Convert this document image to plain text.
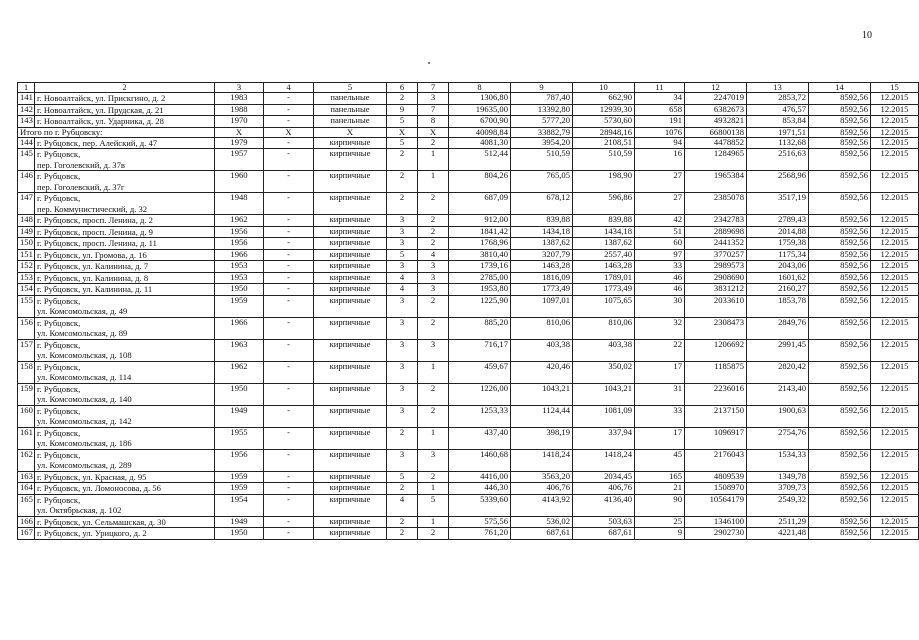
10
1	2	3	4	5	6	7	8	9	10	11	12	13	14	15
141	г. Новоалтайск, ул. Прискгино, д. 2	1983	-	панельные	2	3	1306,80	787,40	662,90	34	2247019	2853,72	8592,56	12.2015
142	г. Новоалтайск, ул. Прудская, д. 21	1988	-	панельные	9	7	19635,00	13392,80	12939,30	658	6382673	476,57	8592,56	12.2015
143	г. Новоалтайск, ул. Ударника, д. 28	1970	-	панельные	5	8	6700,90	5777,20	5730,60	191	4932821	853,84	8592,56	12.2015
Итого по г. Рубцовску:		X	X	X	X	X	40098,84	33882,79	28948,16	1076	66800138	1971,51	8592,56	12.2015
144	г. Рубцовск, пер. Алейский, д. 47	1979	-	кирпичные	5	2	4081,30	3954,20	2108,51	94	4478852	1132,68	8592,56	12.2015
145	г. Рубцовск,
пер. Гоголевский, д. 37в	1957	-	кирпичные	2	1	512,44	510,59	510,59	16	1284965	2516,63	8592,56	12.2015
146	г. Рубцовск,
пер. Гоголевский, д. 37г	1960	-	кирпичные	2	1	804,26	765,05	198,90	27	1965384	2568,96	8592,56	12.2015
147	г. Рубцовск,
пер. Коммунистический, д. 32	1948	-	кирпичные	2	2	687,09	678,12	596,86	27	2385078	3517,19	8592,56	12.2015
148	г. Рубцовск, просп. Ленина, д. 2	1962	-	кирпичные	3	2	912,00	839,88	839,88	42	2342783	2789,43	8592,56	12.2015
149	г. Рубцовск, просп. Ленина, д. 9	1956	-	кирпичные	3	2	1841,42	1434,18	1434,18	51	2889698	2014,88	8592,56	12.2015
150	г. Рубцовск, просп. Ленина, д. 11	1956	-	кирпичные	3	2	1768,96	1387,62	1387,62	60	2441352	1759,38	8592,56	12.2015
151	г. Рубцовск, ул. Громова, д. 16	1966	-	кирпичные	5	4	3810,40	3207,79	2557,40	97	3770257	1175,34	8592,56	12.2015
152	г. Рубцовск, ул. Калинина, д. 7	1953	-	кирпичные	3	3	1739,16	1463,28	1463,28	33	2989573	2043,06	8592,56	12.2015
153	г. Рубцовск, ул. Калинина, д. 8	1953	-	кирпичные	4	3	2785,00	1816,09	1789,01	46	2908690	1601,62	8592,56	12.2015
154	г. Рубцовск, ул. Калинина, д. 11	1950	-	кирпичные	4	3	1953,80	1773,49	1773,49	46	3831212	2160,27	8592,56	12.2015
155	г. Рубцовск,
ул. Комсомольская, д. 49	1959	-	кирпичные	3	2	1225,90	1097,01	1075,65	30	2033610	1853,78	8592,56	12.2015
156	г. Рубцовск,
ул. Комсомольская, д. 89	1966	-	кирпичные	3	2	885,20	810,06	810,06	32	2308473	2849,76	8592,56	12.2015
157	г. Рубцовск,
ул. Комсомольская, д. 108	1963	-	кирпичные	3	3	716,17	403,38	403,38	22	1206692	2991,45	8592,56	12.2015
158	г. Рубцовск,
ул. Комсомольская, д. 114	1962	-	кирпичные	3	1	459,67	420,46	350,02	17	1185875	2820,42	8592,56	12.2015
159	г. Рубцовск,
ул. Комсомольская, д. 140	1950	-	кирпичные	3	2	1226,00	1043,21	1043,21	31	2236016	2143,40	8592,56	12.2015
160	г. Рубцовск,
ул. Комсомольская, д. 142	1949	-	кирпичные	3	2	1253,33	1124,44	1081,09	33	2137150	1900,63	8592,56	12.2015
161	г. Рубцовск,
ул. Комсомольская, д. 186	1955	-	кирпичные	2	1	437,40	398,19	337,94	17	1096917	2754,76	8592,56	12.2015
162	г. Рубцовск,
ул. Комсомольская, д. 289	1956	-	кирпичные	3	3	1460,68	1418,24	1418,24	45	2176043	1534,33	8592,56	12.2015
163	г. Рубцовск, ул. Красная, д. 95	1959	-	кирпичные	5	2	4416,00	3563,20	2034,45	165	4809539	1349,78	8592,56	12.2015
164	г. Рубцовск, ул. Ломоносова, д. 56	1959	-	кирпичные	2	1	446,30	406,76	406,76	21	1508970	3709,73	8592,56	12.2015
165	г. Рубцовск,
ул. Октябрьская, д. 102	1954	-	кирпичные	4	5	5339,60	4143,92	4136,40	90	10564179	2549,32	8592,56	12.2015
166	г. Рубцовск, ул. Сельмашская, д. 30	1949	-	кирпичные	2	1	575,56	536,02	503,63	25	1346100	2511,29	8592,56	12.2015
167	г. Рубцовск, ул. Урицкого, д. 2	1950	-	кирпичные	2	2	761,20	687,61	687,61	9	2902730	4221,48	8592,56	12.2015
